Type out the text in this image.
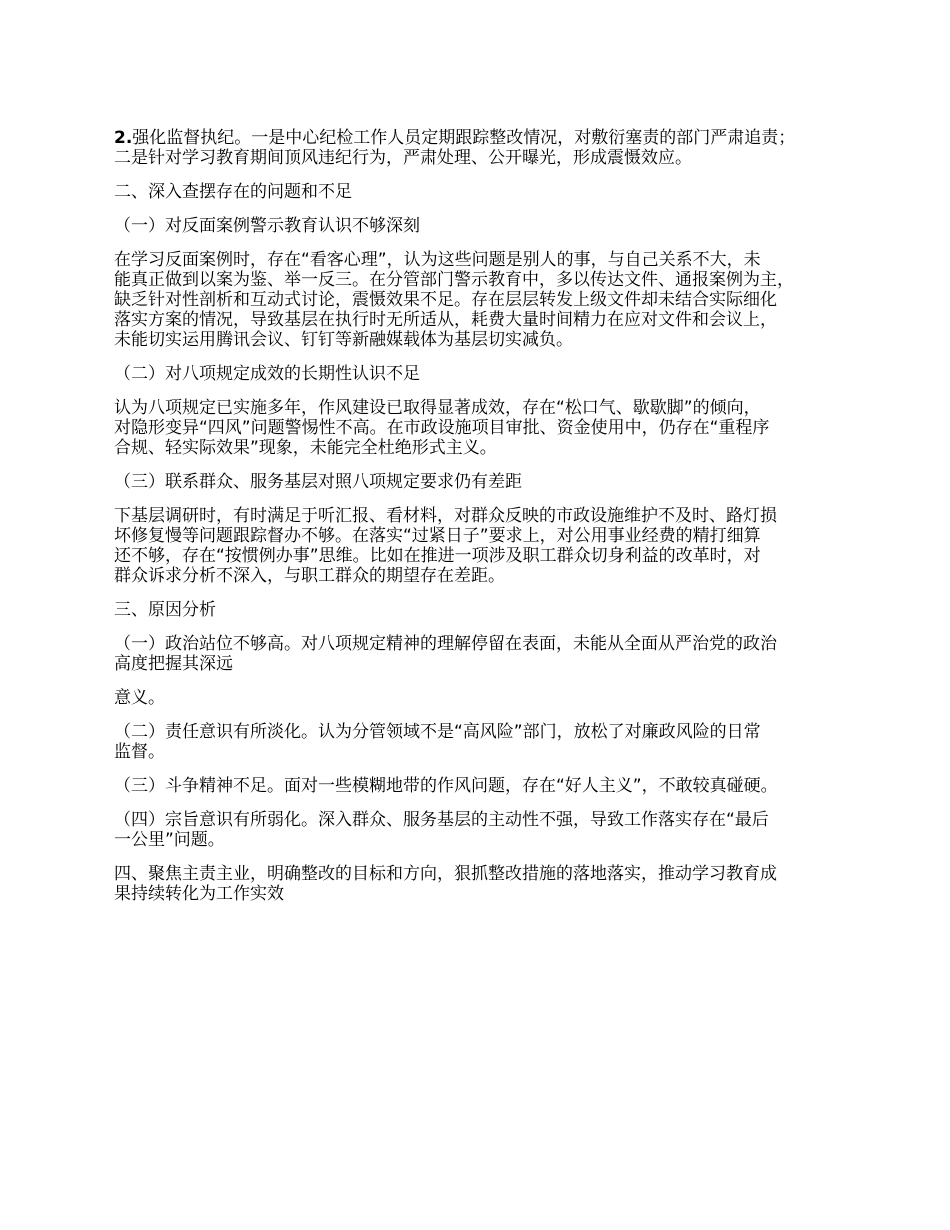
2.强化监督执纪。一是中心纪检工作人员定期跟踪整改情况，对敷衍塞责的部门严肃追责；
二是针对学习教育期间顶风违纪行为，严肃处理、公开曝光，形成震慑效应。

二、深入查摆存在的问题和不足

（一）对反面案例警示教育认识不够深刻

在学习反面案例时，存在“看客心理”，认为这些问题是别人的事，与自己关系不大，未
能真正做到以案为鉴、举一反三。在分管部门警示教育中，多以传达文件、通报案例为主，
缺乏针对性剖析和互动式讨论，震慑效果不足。存在层层转发上级文件却未结合实际细化
落实方案的情况，导致基层在执行时无所适从，耗费大量时间精力在应对文件和会议上，
未能切实运用腾讯会议、钉钉等新融媒载体为基层切实减负。

（二）对八项规定成效的长期性认识不足

认为八项规定已实施多年，作风建设已取得显著成效，存在“松口气、歇歇脚”的倾向，
对隐形变异“四风”问题警惕性不高。在市政设施项目审批、资金使用中，仍存在“重程序
合规、轻实际效果”现象，未能完全杜绝形式主义。

（三）联系群众、服务基层对照八项规定要求仍有差距

下基层调研时，有时满足于听汇报、看材料，对群众反映的市政设施维护不及时、路灯损
坏修复慢等问题跟踪督办不够。在落实“过紧日子”要求上，对公用事业经费的精打细算
还不够，存在“按惯例办事”思维。比如在推进一项涉及职工群众切身利益的改革时，对
群众诉求分析不深入，与职工群众的期望存在差距。

三、原因分析

（一）政治站位不够高。对八项规定精神的理解停留在表面，未能从全面从严治党的政治
高度把握其深远

意义。

（二）责任意识有所淡化。认为分管领域不是“高风险”部门，放松了对廉政风险的日常
监督。

（三）斗争精神不足。面对一些模糊地带的作风问题，存在“好人主义”，不敢较真碰硬。

（四）宗旨意识有所弱化。深入群众、服务基层的主动性不强，导致工作落实存在“最后
一公里”问题。

四、聚焦主责主业，明确整改的目标和方向，狠抓整改措施的落地落实，推动学习教育成
果持续转化为工作实效
